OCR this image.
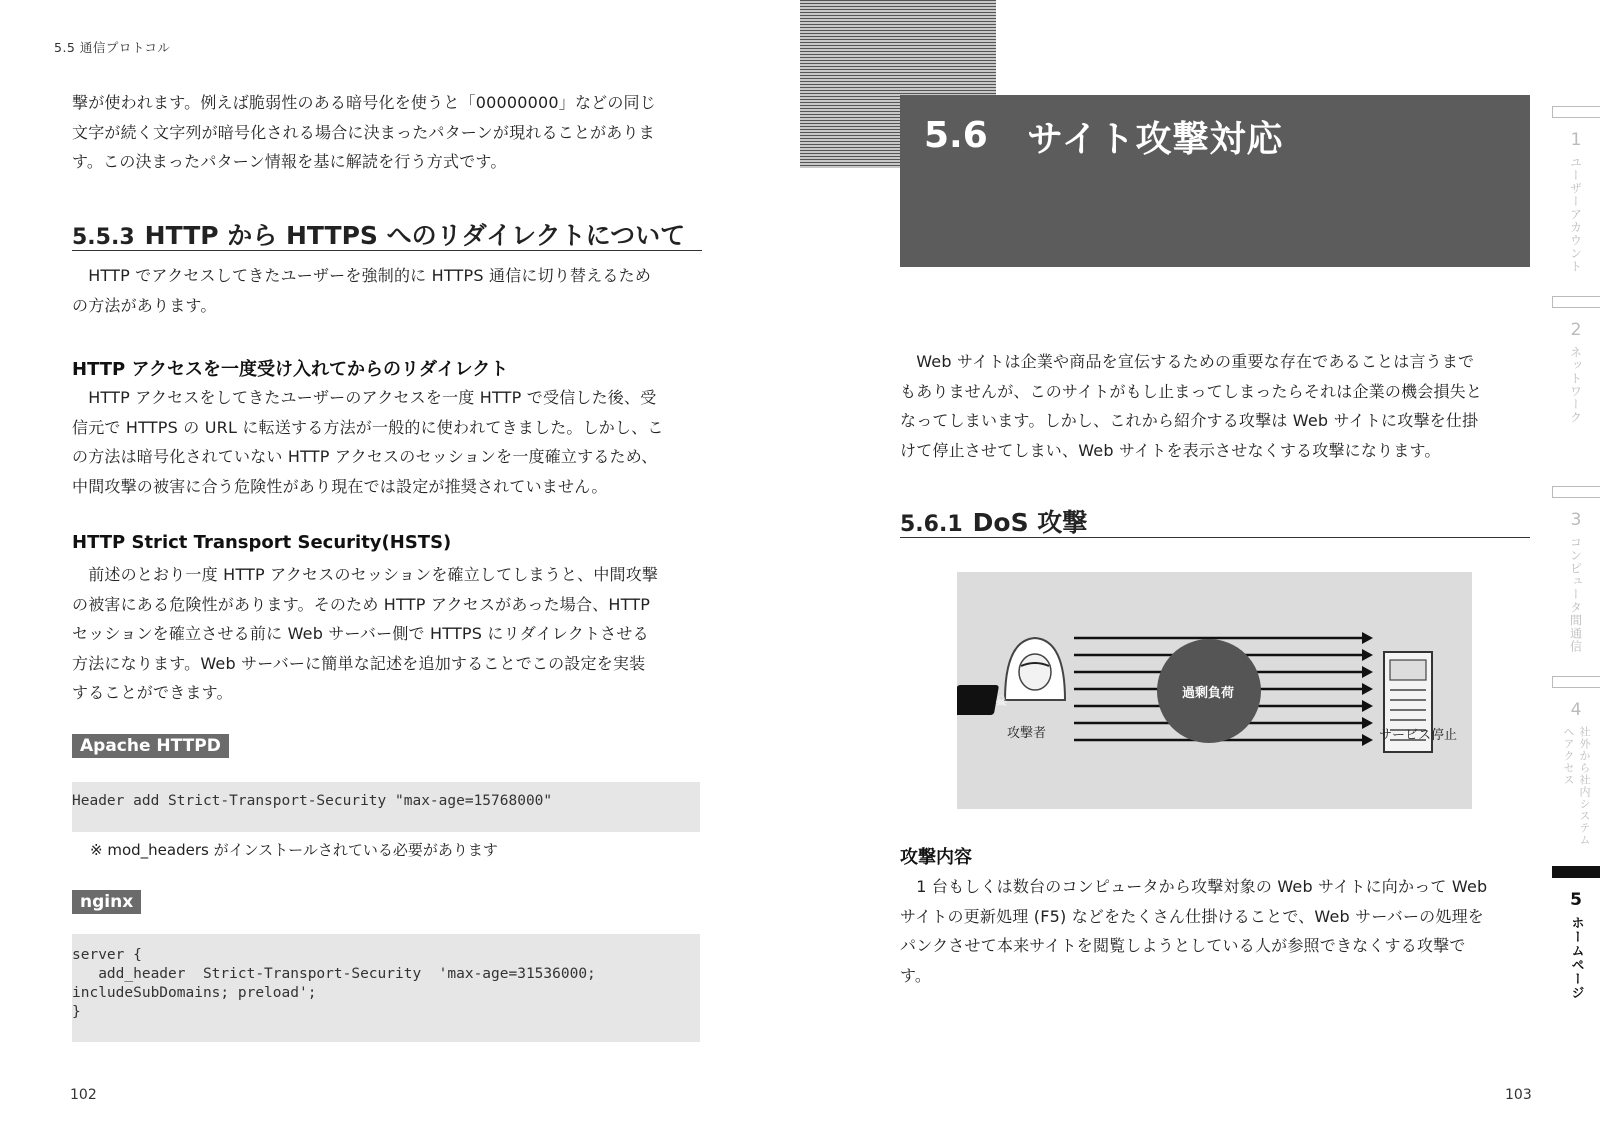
5.5 通信プロトコル

撃が使われます。例えば脆弱性のある暗号化を使うと「00000000」などの同じ

文字が続く文字列が暗号化される場合に決まったパターンが現れることがありま

す。この決まったパターン情報を基に解読を行う方式です。

5.5.3 HTTP から HTTPS へのリダイレクトについて

　HTTP でアクセスしてきたユーザーを強制的に HTTPS 通信に切り替えるため

の方法があります。

HTTP アクセスを一度受け入れてからのリダイレクト

　HTTP アクセスをしてきたユーザーのアクセスを一度 HTTP で受信した後、受

信元で HTTPS の URL に転送する方法が一般的に使われてきました。しかし、こ

の方法は暗号化されていない HTTP アクセスのセッションを一度確立するため、

中間攻撃の被害に合う危険性があり現在では設定が推奨されていません。

HTTP Strict Transport Security(HSTS)

　前述のとおり一度 HTTP アクセスのセッションを確立してしまうと、中間攻撃

の被害にある危険性があります。そのため HTTP アクセスがあった場合、HTTP

セッションを確立させる前に Web サーバー側で HTTPS にリダイレクトさせる

方法になります。Web サーバーに簡単な記述を追加することでこの設定を実装

することができます。

Apache HTTPD
Header add Strict-Transport-Security "max-age=15768000"
※ mod_headers がインストールされている必要があります
nginx
server {
add_header  Strict-Transport-Security  'max-age=31536000;
includeSubDomains; preload';
}
102
5.6 サイト攻撃対応

　Web サイトは企業や商品を宣伝するための重要な存在であることは言うまで

もありませんが、このサイトがもし止まってしまったらそれは企業の機会損失と

なってしまいます。しかし、これから紹介する攻撃は Web サイトに攻撃を仕掛

けて停止させてしまい、Web サイトを表示させなくする攻撃になります。

5.6.1 DoS 攻撃
☠
攻撃者
過剰負荷
サービス停止
攻撃内容

　1 台もしくは数台のコンピュータから攻撃対象の Web サイトに向かって Web

サイトの更新処理 (F5) などをたくさん仕掛けることで、Web サーバーの処理を

パンクさせて本来サイトを閲覧しようとしている人が参照できなくする攻撃で

す。

103
1
ユーザーアカウント
2
ネットワーク
3
コンピュータ間通信
4
社外から社内システムへアクセス
5
ホームページ
